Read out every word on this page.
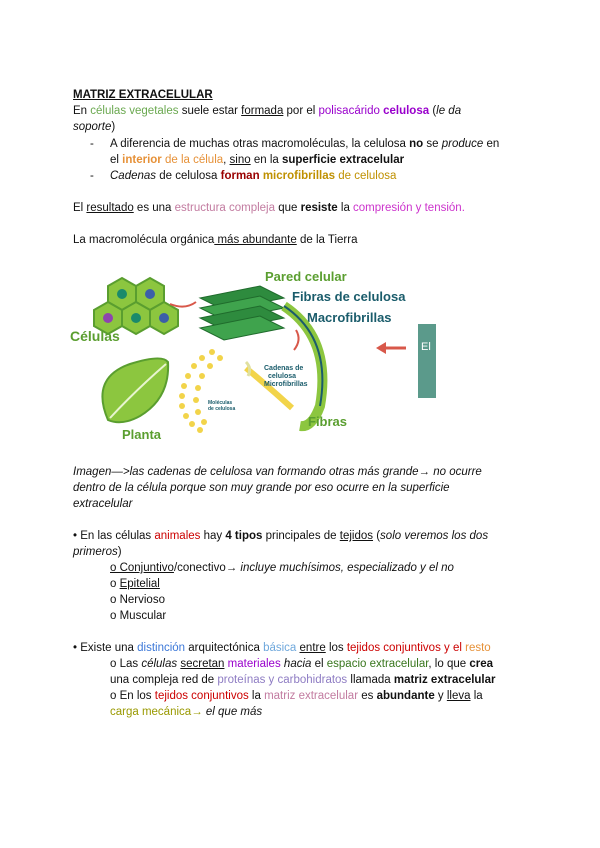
MATRIZ EXTRACELULAR
En células vegetales suele estar formada por el polisacárido celulosa (le da
soporte)
- A diferencia de muchas otras macromoléculas, la celulosa no se produce en
el interior de la célula, sino en la superficie extracelular
- Cadenas de celulosa forman microfibrillas de celulosa
El resultado es una estructura compleja que resiste la compresión y tensión.
La macromolécula orgánica más abundante de la Tierra
Células
Pared celular
Fibras de celulosa
Macrofibrillas
Cadenas de
celulosa
Microfibrillas
Fibras
Moléculas
de celulosa
Planta
El
Imagen—>las cadenas de celulosa van formando otras más grande→ no ocurre
dentro de la célula porque son muy grande por eso ocurre en la superficie
extracelular
• En las células animales hay 4 tipos principales de tejidos (solo veremos los dos
primeros)
o Conjuntivo/conectivo→ incluye muchísimos, especializado y el no
o Epitelial
o Nervioso
o Muscular
• Existe una distinción arquitectónica básica entre los tejidos conjuntivos y el resto
o Las células secretan materiales hacia el espacio extracelular, lo que crea
una compleja red de proteínas y carbohidratos llamada matriz extracelular
o En los tejidos conjuntivos la matriz extracelular es abundante y lleva la
carga mecánica→ el que más
